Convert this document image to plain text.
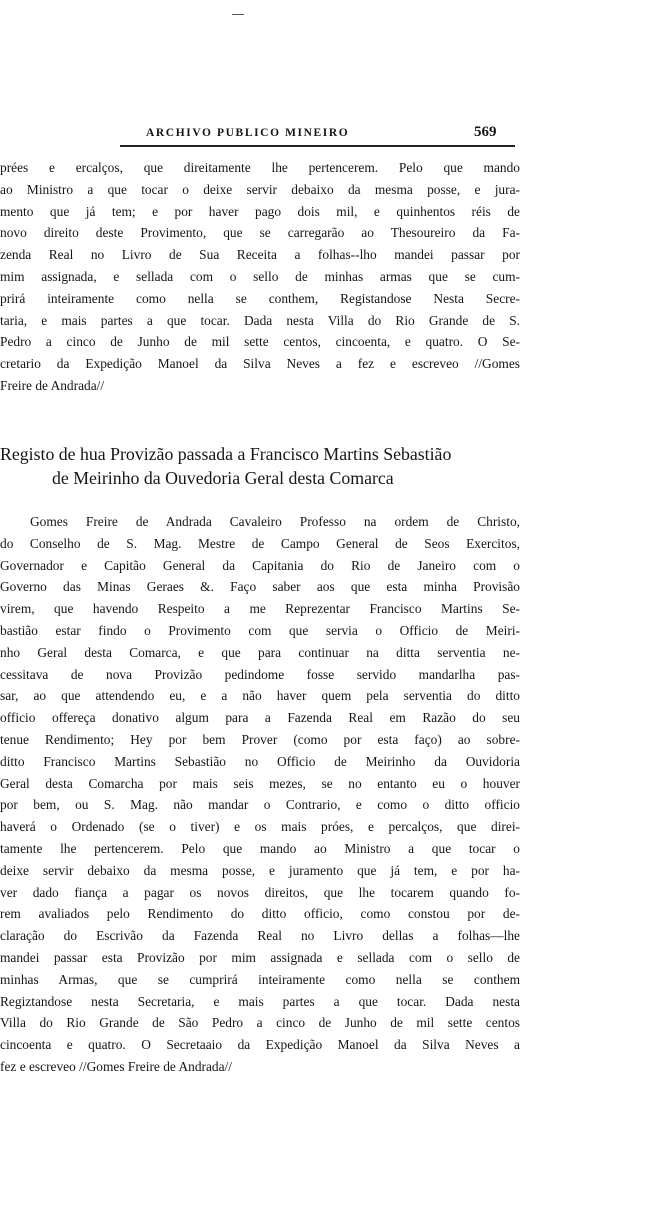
ARCHIVO PUBLICO MINEIRO	569
prées e ercalços, que direitamente lhe pertencerem. Pelo que mando
ao Ministro a que tocar o deixe servir debaixo da mesma posse, e jura-
mento que já tem; e por haver pago dois mil, e quinhentos réis de
novo direito deste Provimento, que se carregarão ao Thesoureiro da Fa-
zenda Real no Livro de Sua Receita a folhas--lho mandei passar por
mim assignada, e sellada com o sello de minhas armas que se cum-
prirá inteiramente como nella se conthem, Registandose Nesta Secre-
taria, e mais partes a que tocar. Dada nesta Villa do Rio Grande de S.
Pedro a cinco de Junho de mil sette centos, cincoenta, e quatro. O Se-
cretario da Expedição Manoel da Silva Neves a fez e escreveo //Gomes
Freire de Andrada//
Registo de hua Provizão passada a Francisco Martins Sebastião
de Meirinho da Ouvedoria Geral desta Comarca
Gomes Freire de Andrada Cavaleiro Professo na ordem de Christo,
do Conselho de S. Mag. Mestre de Campo General de Seos Exercitos,
Governador e Capitão General da Capitania do Rio de Janeiro com o
Governo das Minas Geraes &. Faço saber aos que esta minha Provisão
virem, que havendo Respeito a me Reprezentar Francisco Martins Se-
bastião estar findo o Provimento com que servia o Officio de Meiri-
nho Geral desta Comarca, e que para continuar na ditta serventia ne-
cessitava de nova Provizão pedindome fosse servido mandarlha pas-
sar, ao que attendendo eu, e a não haver quem pela serventia do ditto
officio offereça donativo algum para a Fazenda Real em Razão do seu
tenue Rendimento; Hey por bem Prover (como por esta faço) ao sobre-
ditto Francisco Martins Sebastião no Officio de Meirinho da Ouvidoria
Geral desta Comarcha por mais seis mezes, se no entanto eu o houver
por bem, ou S. Mag. não mandar o Contrario, e como o ditto officio
haverá o Ordenado (se o tiver) e os mais próes, e percalços, que direi-
tamente lhe pertencerem. Pelo que mando ao Ministro a que tocar o
deixe servir debaixo da mesma posse, e juramento que já tem, e por ha-
ver dado fiança a pagar os novos direitos, que lhe tocarem quando fo-
rem avaliados pelo Rendimento do ditto officio, como constou por de-
claração do Escrivão da Fazenda Real no Livro dellas a folhas—lhe
mandei passar esta Provizão por mim assignada e sellada com o sello de
minhas Armas, que se cumprirá inteiramente como nella se conthem
Regiztandose nesta Secretaria, e mais partes a que tocar. Dada nesta
Villa do Rio Grande de São Pedro a cinco de Junho de mil sette centos
cincoenta e quatro. O Secretaaio da Expedição Manoel da Silva Neves a
fez e escreveo //Gomes Freire de Andrada//
